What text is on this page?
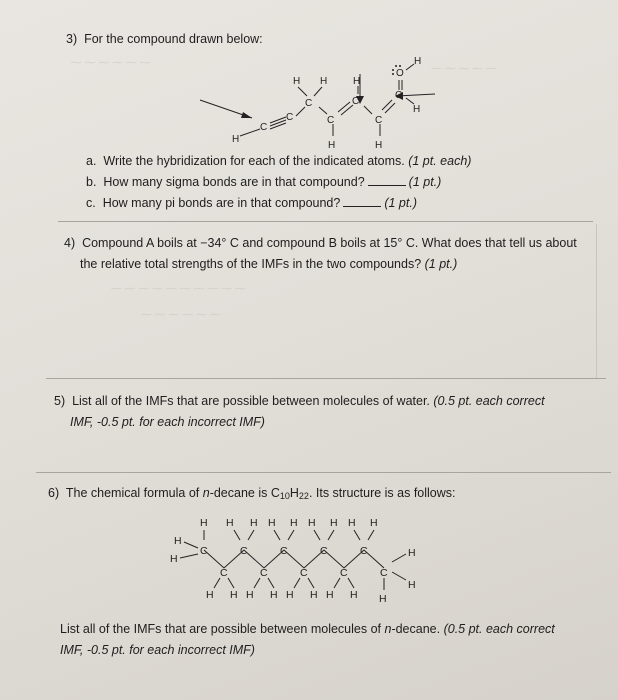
⁓ ⁓ ⁓ ⁓ ⁓ ⁓	⁓ ⁓ ⁓ ⁓ ⁓
⁓ ⁓ ⁓ ⁓ ⁓ ⁓ ⁓ ⁓ ⁓ ⁓
⁓ ⁓ ⁓ ⁓ ⁓ ⁓
3) For the compound drawn below:
H
C
C
C
H H
C
H
H
C
C
H
C
O
H
H
a. Write the hybridization for each of the indicated atoms. (1 pt. each)
b. How many sigma bonds are in that compound?	(1 pt.)
c. How many pi bonds are in that compound?	(1 pt.)
4) Compound A boils at −34° C and compound B boils at 15° C. What does that tell us about
the relative total strengths of the IMFs in the two compounds? (1 pt.)
5) List all of the IMFs that are possible between molecules of water. (0.5 pt. each correct
IMF, -0.5 pt. for each incorrect IMF)
6) The chemical formula of n-decane is $C_{10}H_{22}$. Its structure is as follows:
H H H H H H H H H
H
H
C
C
C
C
C
C
C
C
C
C
H H H H H H H H H
H
H
List all of the IMFs that are possible between molecules of n-decane. (0.5 pt. each correct
IMF, -0.5 pt. for each incorrect IMF)
